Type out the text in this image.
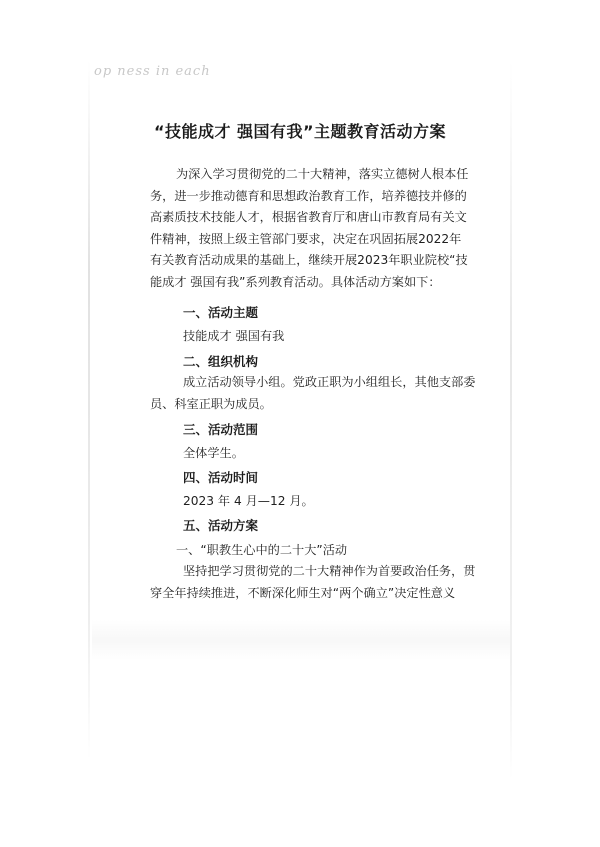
op ness in each
“技能成才 强国有我”主题教育活动方案
为深入学习贯彻党的二十大精神，落实立德树人根本任
务，进一步推动德育和思想政治教育工作，培养德技并修的
高素质技术技能人才，根据省教育厅和唐山市教育局有关文
件精神，按照上级主管部门要求，决定在巩固拓展2022年
有关教育活动成果的基础上，继续开展2023年职业院校“技
能成才 强国有我”系列教育活动。具体活动方案如下：
一、活动主题
技能成才 强国有我
二、组织机构
成立活动领导小组。党政正职为小组组长，其他支部委
员、科室正职为成员。
三、活动范围
全体学生。
四、活动时间
2023 年 4 月—12 月。
五、活动方案
一、“职教生心中的二十大”活动
坚持把学习贯彻党的二十大精神作为首要政治任务，贯
穿全年持续推进，不断深化师生对“两个确立”决定性意义
